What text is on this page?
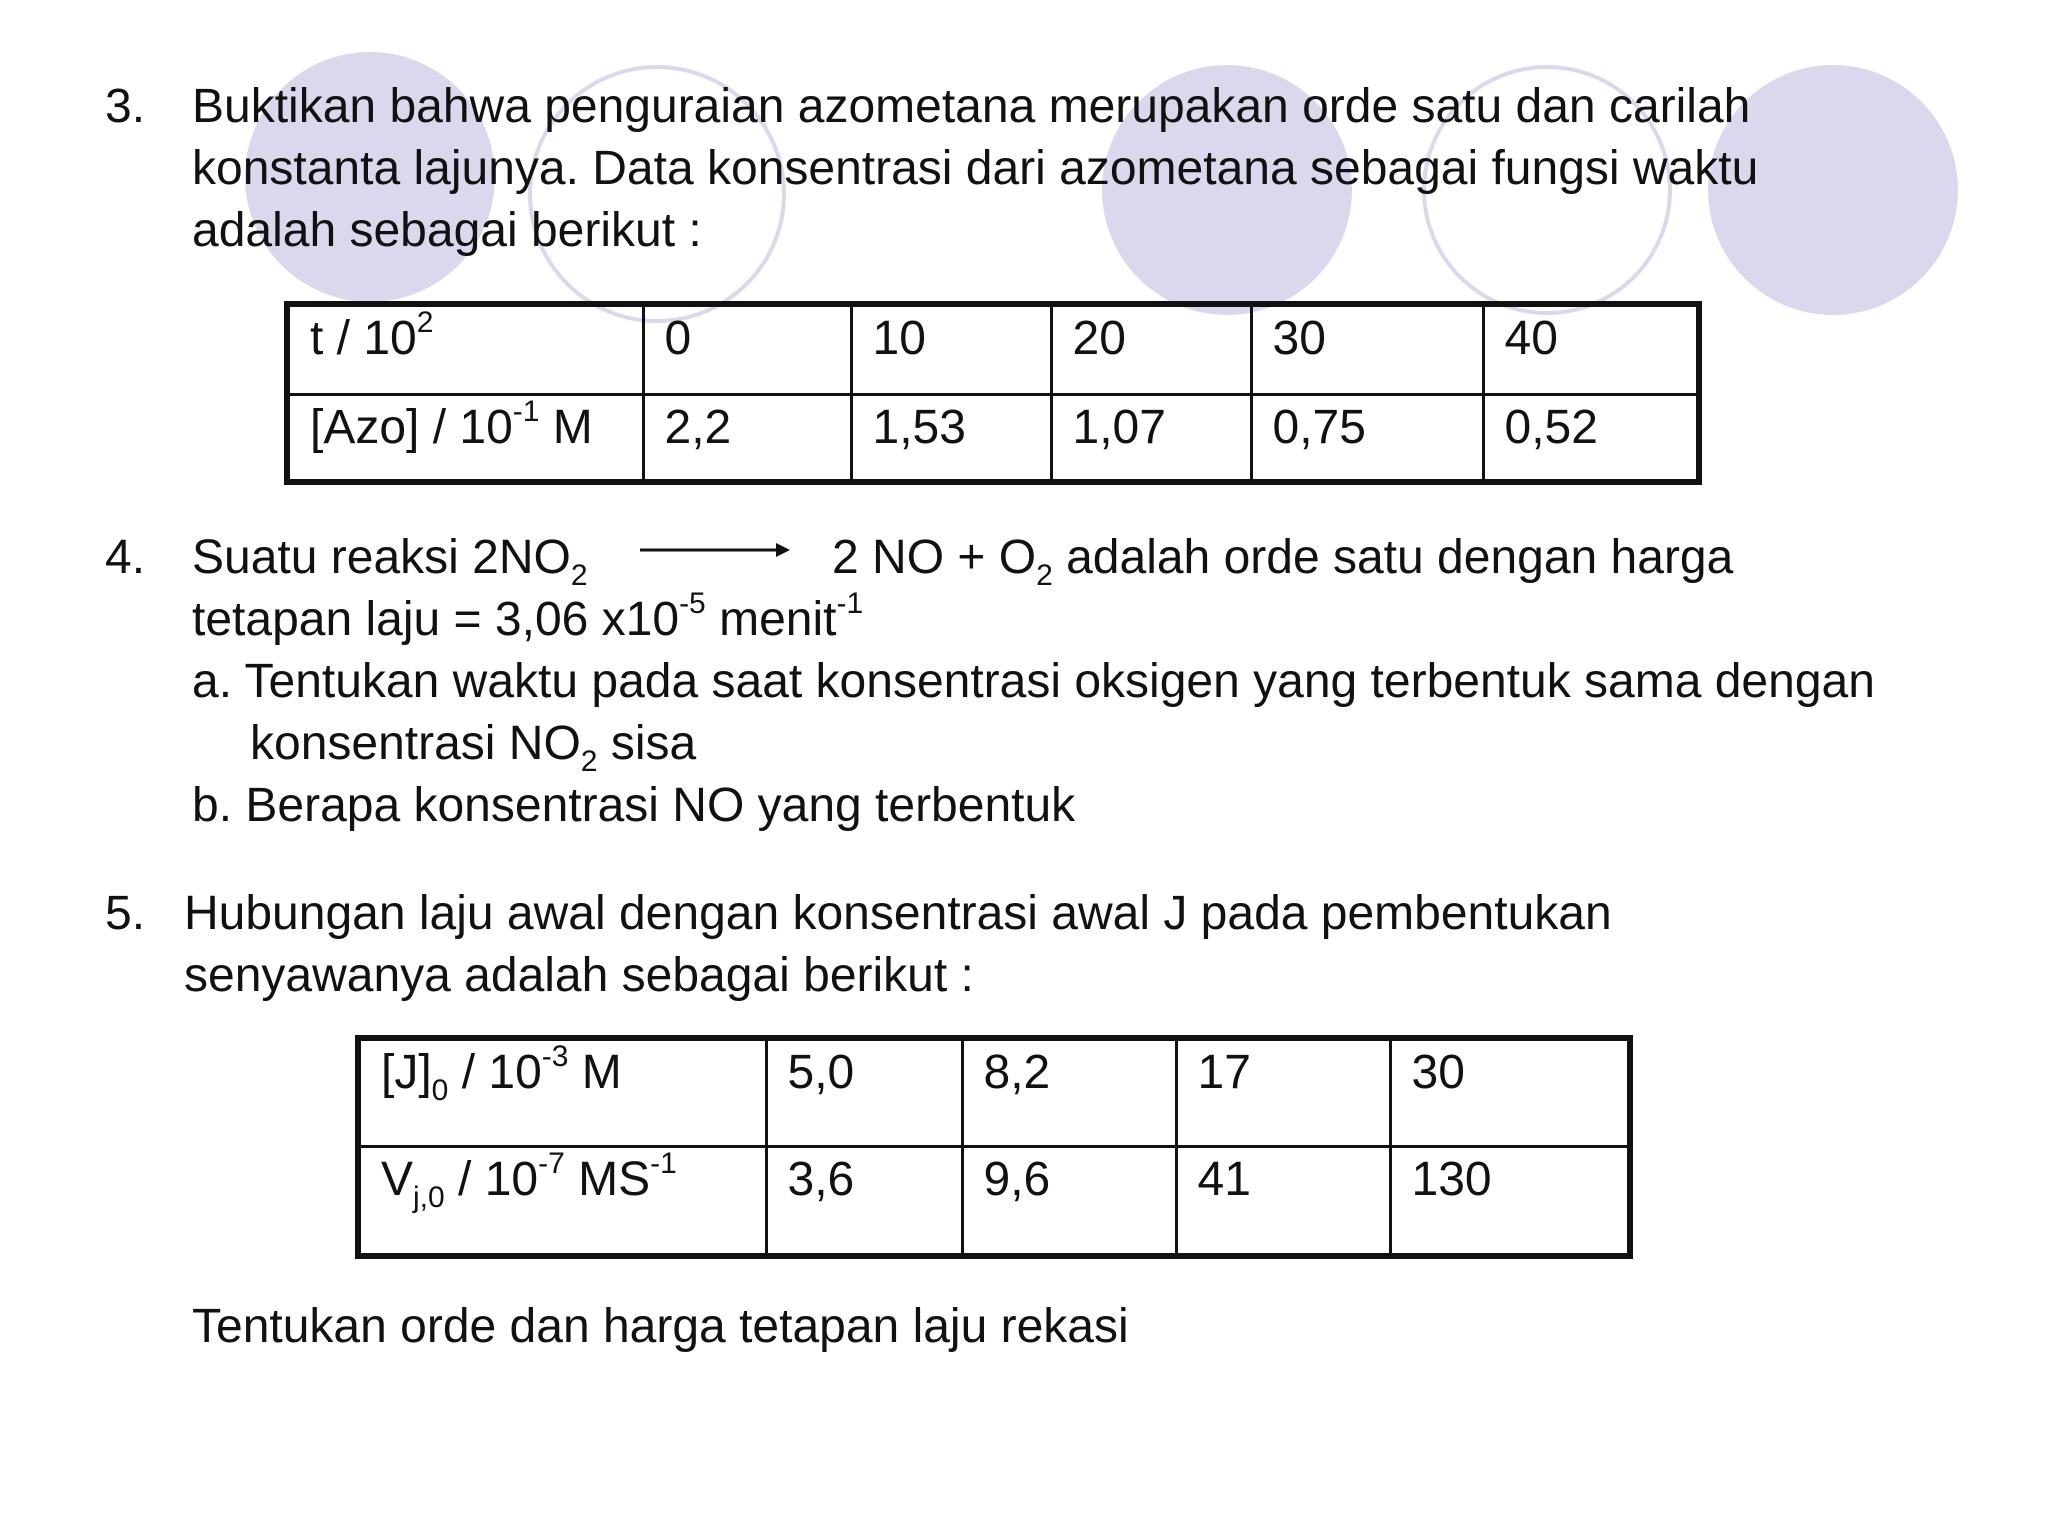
3. Buktikan bahwa penguraian azometana merupakan orde satu dan carilah
konstanta lajunya. Data konsentrasi dari azometana sebagai fungsi waktu
adalah sebagai berikut :
t / $10^2$	0	10	20	30	40
$[Azo] / 10^{-1}$ M	2,2	1,53	1,07	0,75	0,52
4. Suatu reaksi $2NO_2$	2 NO + $O_2$ adalah orde satu dengan harga
tetapan laju = 3,06 $x10^{-5}$ menit$^{-1}$
a. Tentukan waktu pada saat konsentrasi oksigen yang terbentuk sama dengan
konsentrasi $NO_2$ sisa
b. Berapa konsentrasi NO yang terbentuk
5. Hubungan laju awal dengan konsentrasi awal J pada pembentukan
senyawanya adalah sebagai berikut :
$[J]_0 / 10^{-3}$ M	5,0	8,2	17	30
$V_{j,0} / 10^{-7}$ $MS^{-1}$	3,6	9,6	41	130
Tentukan orde dan harga tetapan laju rekasi
